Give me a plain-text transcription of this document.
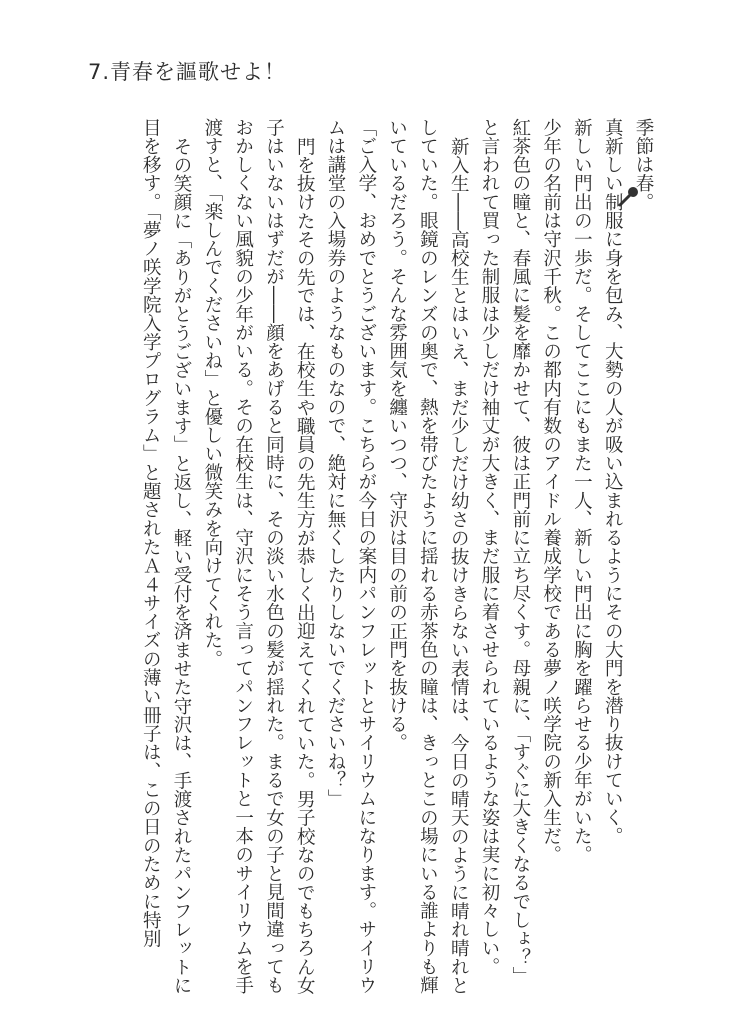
7.青春を謳歌せよ！

季節は春。

真新しい制服に身を包み、大勢の人が吸い込まれるようにその大門を潜り抜けていく。

新しい門出の一歩だ。そしてここにもまた一人、新しい門出に胸を躍らせる少年がいた。

少年の名前は守沢千秋。この都内有数のアイドル養成学校である夢ノ咲学院の新入生だ。

紅茶色の瞳と、春風に髪を靡かせて、彼は正門前に立ち尽くす。母親に、「すぐに大きくなるでしょ？」と言われて買った制服は少しだけ袖丈が大きく、まだ服に着させられているような姿は実に初々しい。

新入生――高校生とはいえ、まだ少しだけ幼さの抜けきらない表情は、今日の晴天のように晴れ晴れとしていた。眼鏡のレンズの奥で、熱を帯びたように揺れる赤茶色の瞳は、きっとこの場にいる誰よりも輝いているだろう。そんな雰囲気を纏いつつ、守沢は目の前の正門を抜ける。

「ご入学、おめでとうございます。こちらが今日の案内パンフレットとサイリウムになります。サイリウムは講堂の入場券のようなものなので、絶対に無くしたりしないでくださいね？」

門を抜けたその先では、在校生や職員の先生方が恭しく出迎えてくれていた。男子校なのでもちろん女子はいないはずだが――顔をあげると同時に、その淡い水色の髪が揺れた。まるで女の子と見間違ってもおかしくない風貌の少年がいる。その在校生は、守沢にそう言ってパンフレットと一本のサイリウムを手渡すと、「楽しんでくださいね」と優しい微笑みを向けてくれた。

その笑顔に「ありがとうございます」と返し、軽い受付を済ませた守沢は、手渡されたパンフレットに目を移す。「夢ノ咲学院入学プログラム」と題されたＡ４サイズの薄い冊子は、この日のために特別
